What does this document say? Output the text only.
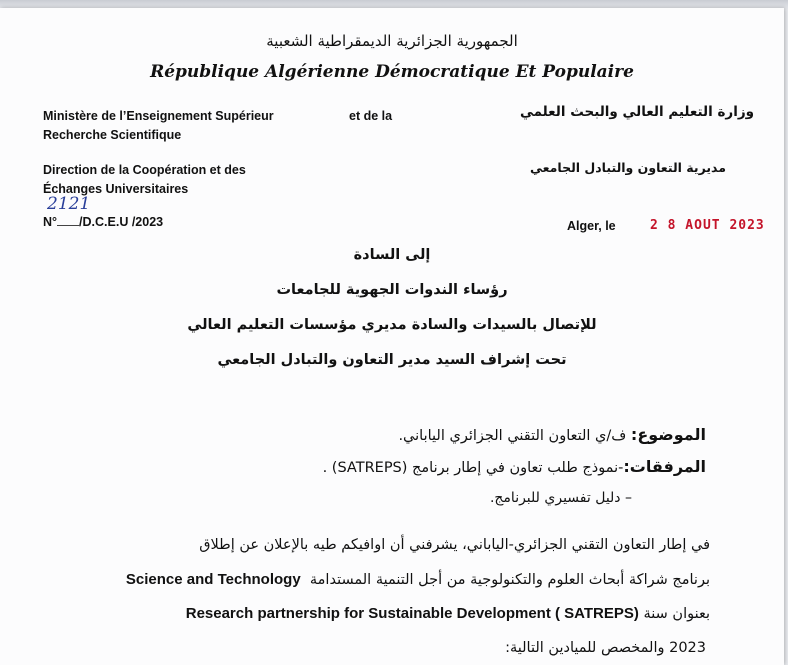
الجمهورية الجزائرية الديمقراطية الشعبية
République Algérienne Démocratique Et Populaire
Ministère de l’Enseignement Supérieur	et de la
Recherche Scientifique
وزارة التعليم العالي والبحث العلمي
Direction de la Coopération et des
Échanges Universitaires
مديرية التعاون والتبادل الجامعي
2121
N° /D.C.E.U /2023	Alger, le	2 8 AOUT 2023
إلى السادة
رؤساء الندوات الجهوية للجامعات
للإتصال بالسيدات والسادة مديري مؤسسات التعليم العالي
تحت إشراف السيد مدير التعاون والتبادل الجامعي
الموضوع: ف/ي التعاون التقني الجزائري الياباني.
المرفقات:-نموذج طلب تعاون في إطار برنامج (SATREPS) .
– دليل تفسيري للبرنامج.
في إطار التعاون التقني الجزائري-الياباني، يشرفني أن اوافيكم طيه بالإعلان عن إطلاق
برنامج شراكة أبحاث العلوم والتكنولوجية من أجل التنمية المستدامة  Science and Technology
بعنوان سنة Research partnership for Sustainable Development ( SATREPS)
2023 والمخصص للميادين التالية:
